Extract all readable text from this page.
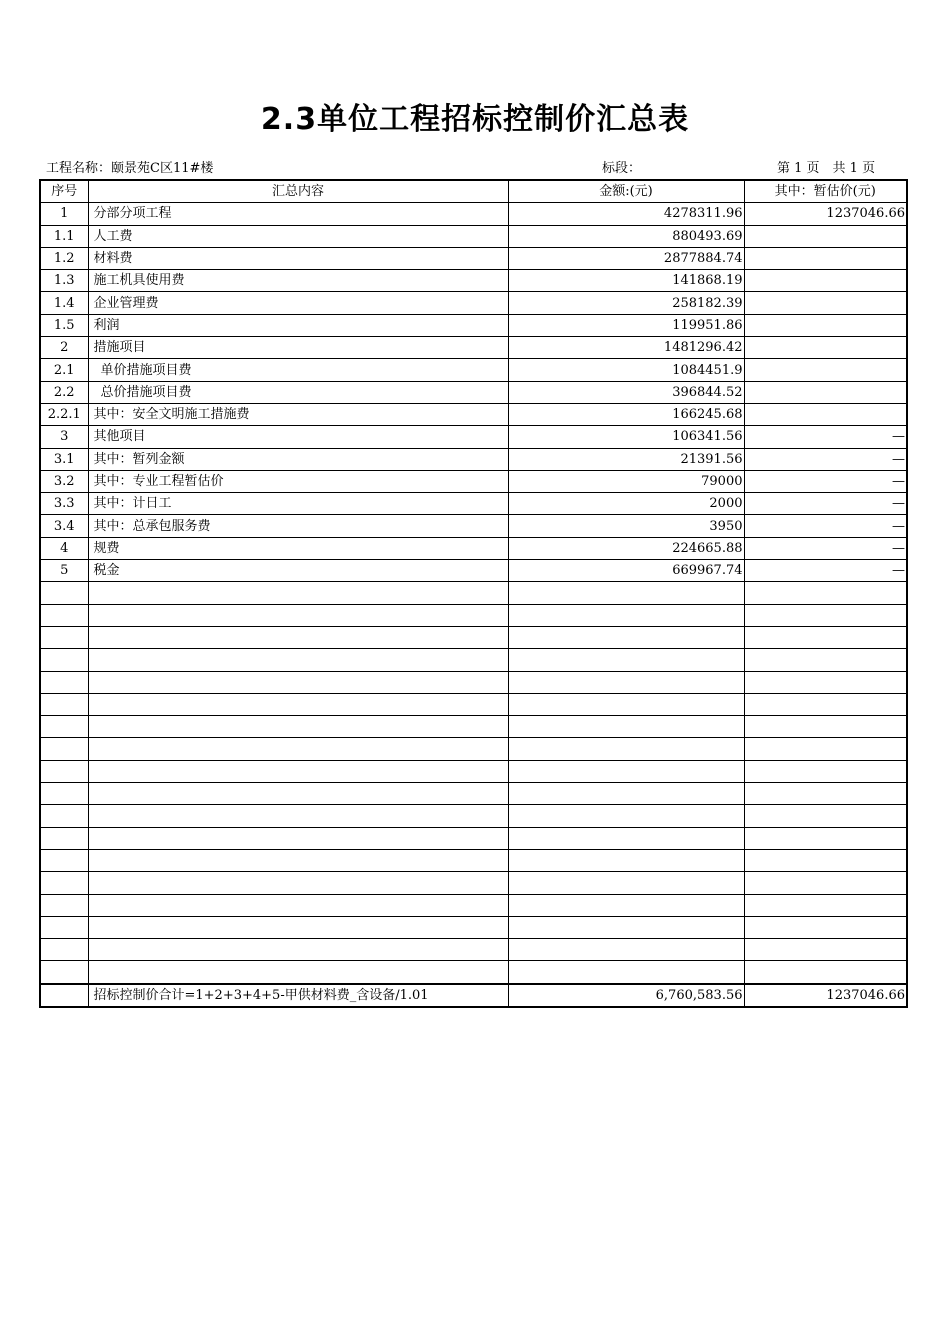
2.3单位工程招标控制价汇总表
工程名称：颐景苑C区11#楼	标段：	第 1 页　共 1 页
序号	汇总内容	金额:(元)	其中：暂估价(元)
1	分部分项工程	4278311.96	1237046.66
1.1	人工费	880493.69	
1.2	材料费	2877884.74	
1.3	施工机具使用费	141868.19	
1.4	企业管理费	258182.39	
1.5	利润	119951.86	
2	措施项目	1481296.42	
2.1	单价措施项目费	1084451.9	
2.2	总价措施项目费	396844.52	
2.2.1	其中：安全文明施工措施费	166245.68	
3	其他项目	106341.56	—
3.1	其中：暂列金额	21391.56	—
3.2	其中：专业工程暂估价	79000	—
3.3	其中：计日工	2000	—
3.4	其中：总承包服务费	3950	—
4	规费	224665.88	—
5	税金	669967.74	—

	招标控制价合计=1+2+3+4+5-甲供材料费_含设备/1.01	6,760,583.56	1237046.66
